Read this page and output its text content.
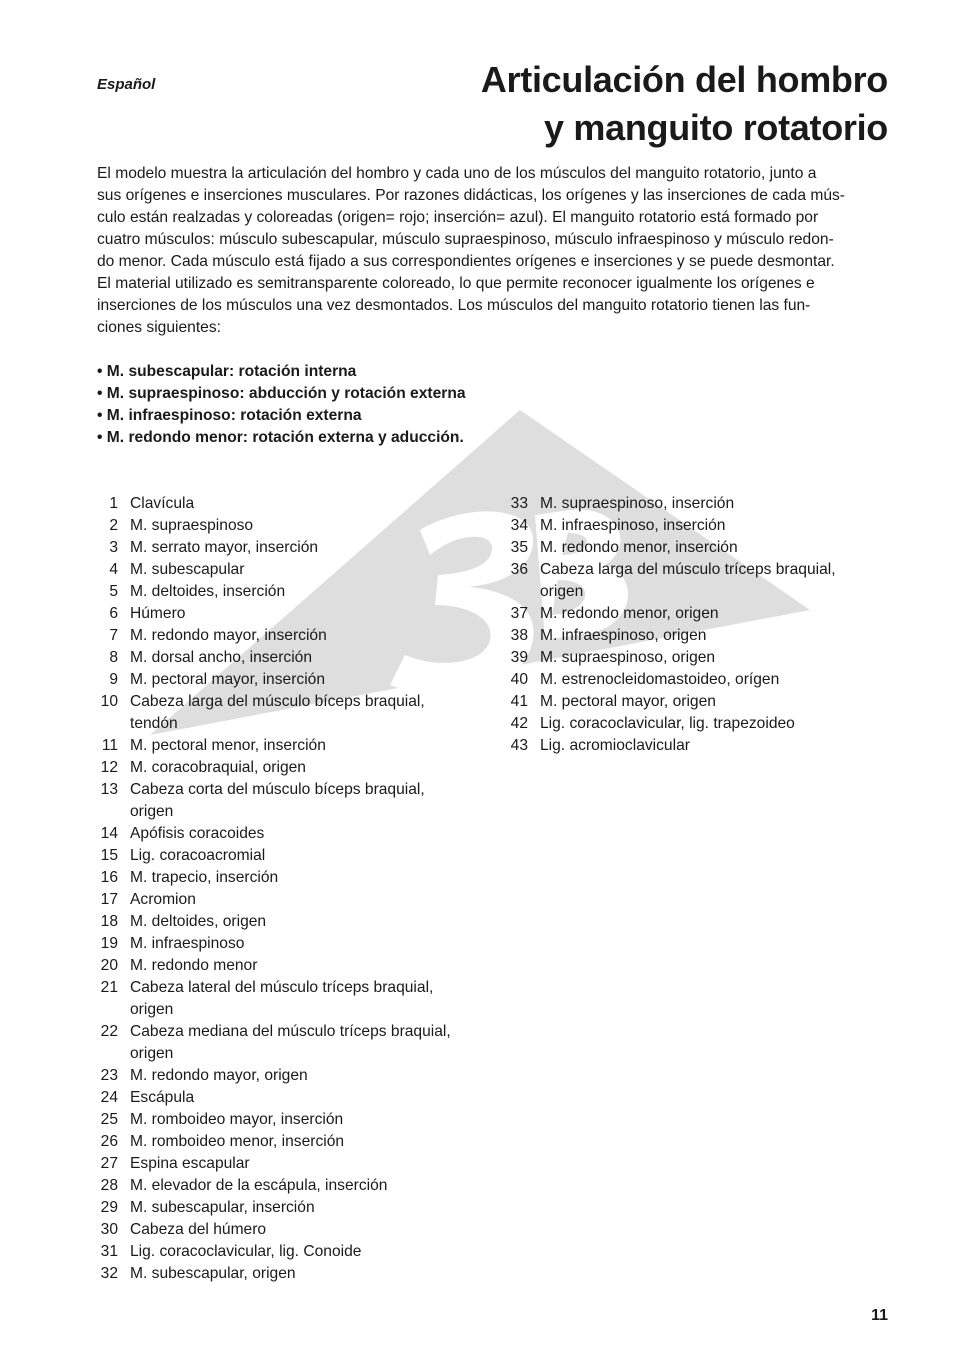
Español	Articulación del hombro
y manguito rotatorio

El modelo muestra la articulación del hombro y cada uno de los músculos del manguito rotatorio, junto a
sus orígenes e inserciones musculares. Por razones didácticas, los orígenes y las inserciones de cada mús-
culo están realzadas y coloreadas (origen= rojo; inserción= azul). El manguito rotatorio está formado por
cuatro músculos: músculo subescapular, músculo supraespinoso, músculo infraespinoso y músculo redon-
do menor. Cada músculo está fijado a sus correspondientes orígenes e inserciones y se puede desmontar.
El material utilizado es semitransparente coloreado, lo que permite reconocer igualmente los orígenes e
inserciones de los músculos una vez desmontados. Los músculos del manguito rotatorio tienen las fun-
ciones siguientes:

• M. subescapular: rotación interna
• M. supraespinoso: abducción y rotación externa
• M. infraespinoso: rotación externa
• M. redondo menor: rotación externa y aducción.
1 Clavícula
2 M. supraespinoso
3 M. serrato mayor, inserción
4 M. subescapular
5 M. deltoides, inserción
6 Húmero
7 M. redondo mayor, inserción
8 M. dorsal ancho, inserción
9 M. pectoral mayor, inserción
10 Cabeza larga del músculo bíceps braquial,
tendón
11 M. pectoral menor, inserción
12 M. coracobraquial, origen
13 Cabeza corta del músculo bíceps braquial,
origen
14 Apófisis coracoides
15 Lig. coracoacromial
16 M. trapecio, inserción
17 Acromion
18 M. deltoides, origen
19 M. infraespinoso
20 M. redondo menor
21 Cabeza lateral del músculo tríceps braquial,
origen
22 Cabeza mediana del músculo tríceps braquial,
origen
23 M. redondo mayor, origen
24 Escápula
25 M. romboideo mayor, inserción
26 M. romboideo menor, inserción
27 Espina escapular
28 M. elevador de la escápula, inserción
29 M. subescapular, inserción
30 Cabeza del húmero
31 Lig. coracoclavicular, lig. Conoide
32 M. subescapular, origen
33 M. supraespinoso, inserción
34 M. infraespinoso, inserción
35 M. redondo menor, inserción
36 Cabeza larga del músculo tríceps braquial,
origen
37 M. redondo menor, origen
38 M. infraespinoso, origen
39 M. supraespinoso, origen
40 M. estrenocleidomastoideo, orígen
41 M. pectoral mayor, origen
42 Lig. coracoclavicular, lig. trapezoideo
43 Lig. acromioclavicular
11
